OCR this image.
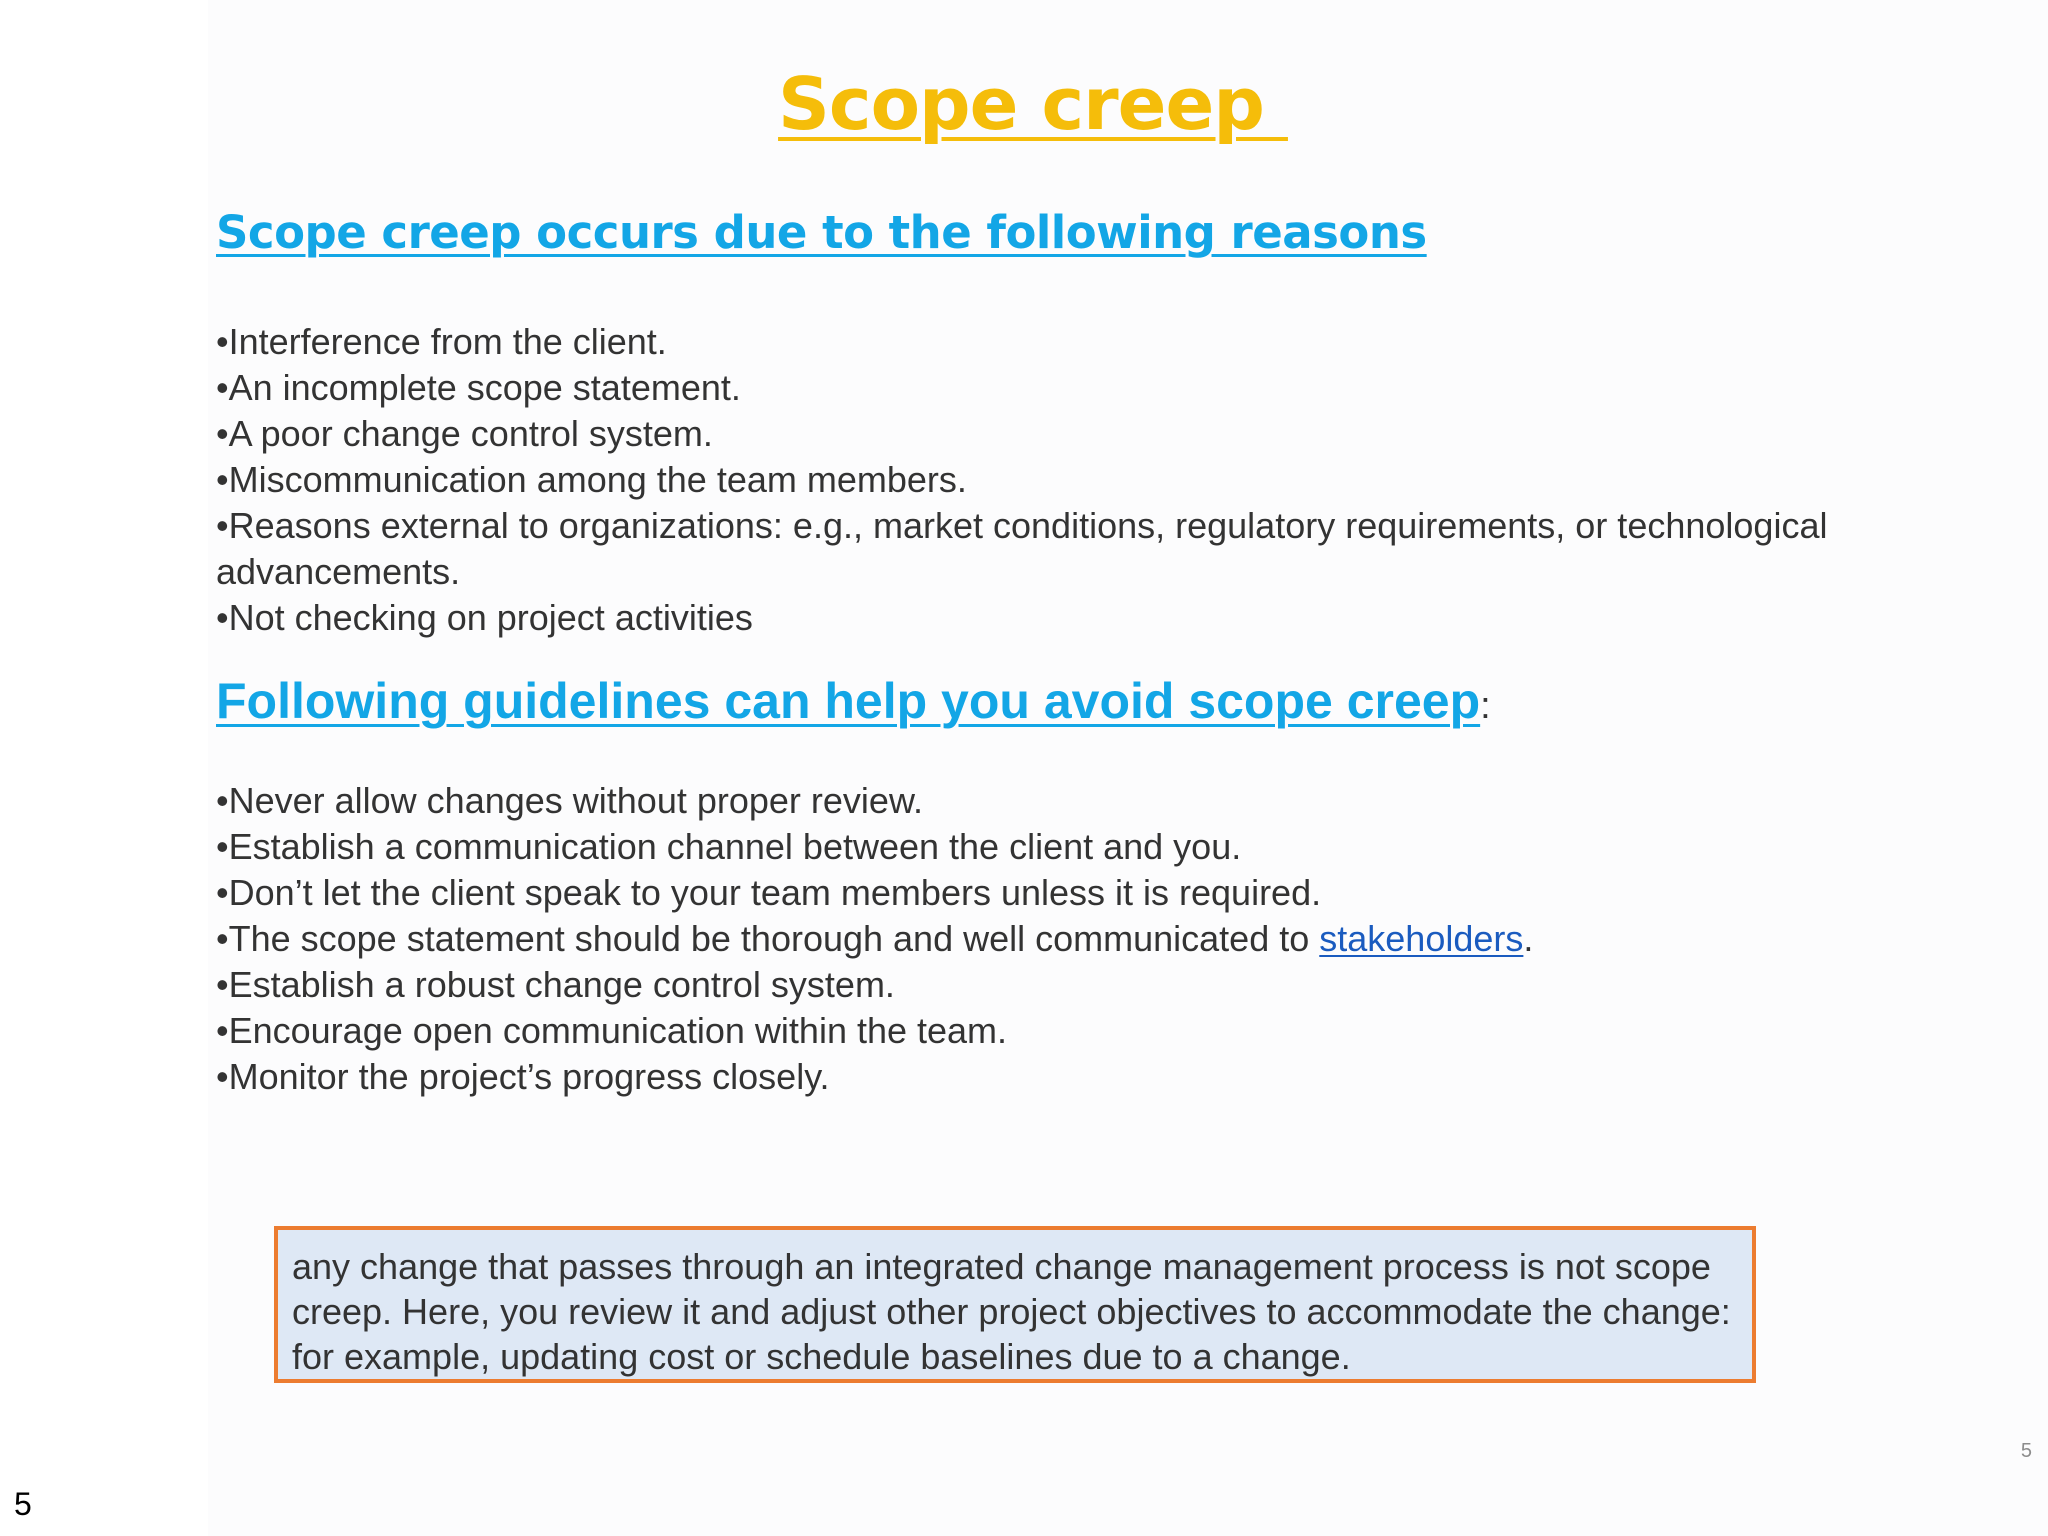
Scope creep
Scope creep occurs due to the following reasons
•Interference from the client.
•An incomplete scope statement.
•A poor change control system.
•Miscommunication among the team members.
•Reasons external to organizations: e.g., market conditions, regulatory requirements, or technological advancements.
•Not checking on project activities
Following guidelines can help you avoid scope creep:
•Never allow changes without proper review.
•Establish a communication channel between the client and you.
•Don’t let the client speak to your team members unless it is required.
•The scope statement should be thorough and well communicated to stakeholders.
•Establish a robust change control system.
•Encourage open communication within the team.
•Monitor the project’s progress closely.
any change that passes through an integrated change management process is not scope creep. Here, you review it and adjust other project objectives to accommodate the change: for example, updating cost or schedule baselines due to a change.
5
5
